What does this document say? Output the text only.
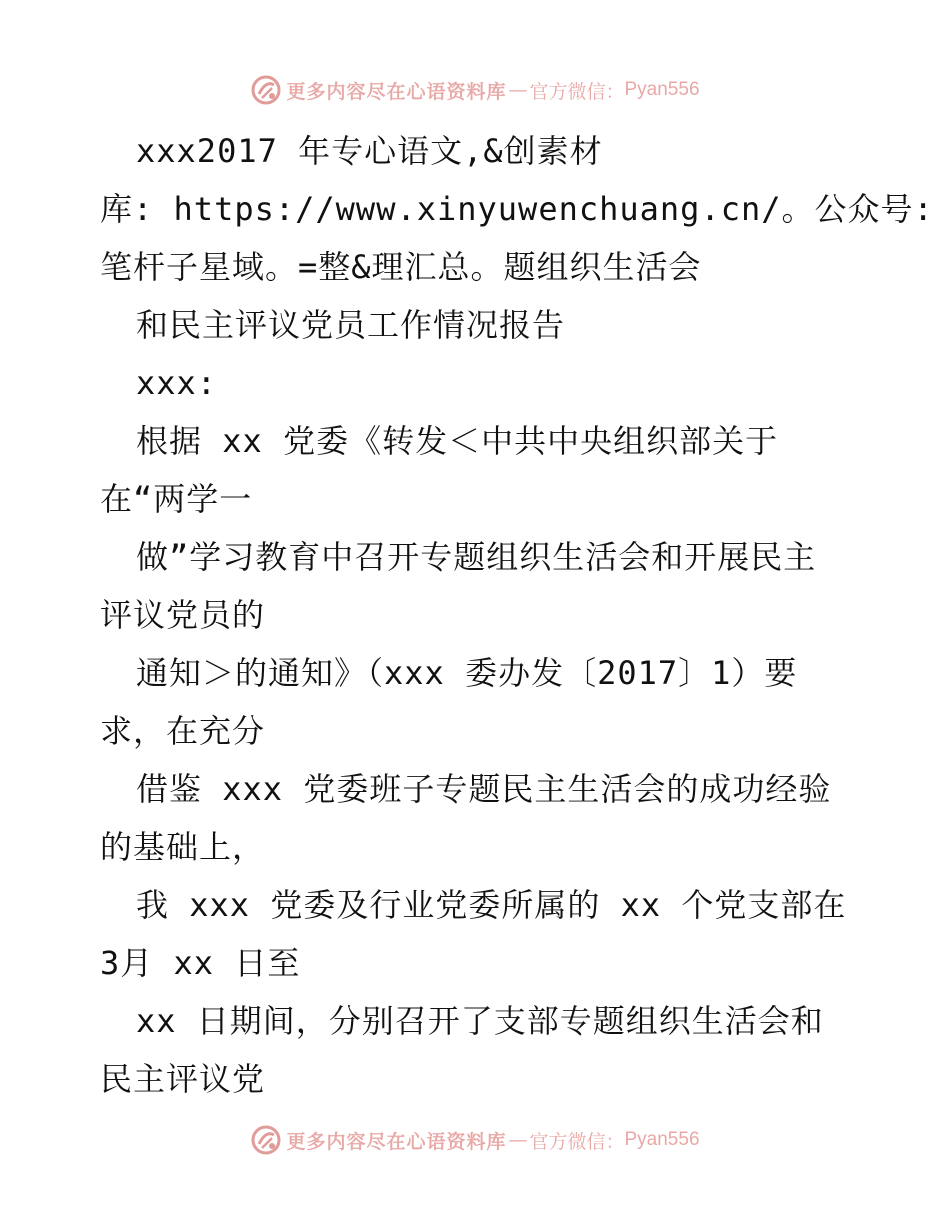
更多内容尽在心语资料库 — 官方微信： Pyan556
xxx2017 年专心语文,&创素材
库: https://www.xinyuwenchuang.cn/。公众号:
笔杆子星域。=整&理汇总。题组织生活会
和民主评议党员工作情况报告
xxx:
根据 xx 党委《转发＜中共中央组织部关于
在“两学一
做”学习教育中召开专题组织生活会和开展民主
评议党员的
通知＞的通知》（xxx 委办发〔2017〕1）要
求，在充分
借鉴 xxx 党委班子专题民主生活会的成功经验
的基础上，
我 xxx 党委及行业党委所属的 xx 个党支部在
3月 xx 日至
xx 日期间，分别召开了支部专题组织生活会和
民主评议党
更多内容尽在心语资料库 — 官方微信： Pyan556
